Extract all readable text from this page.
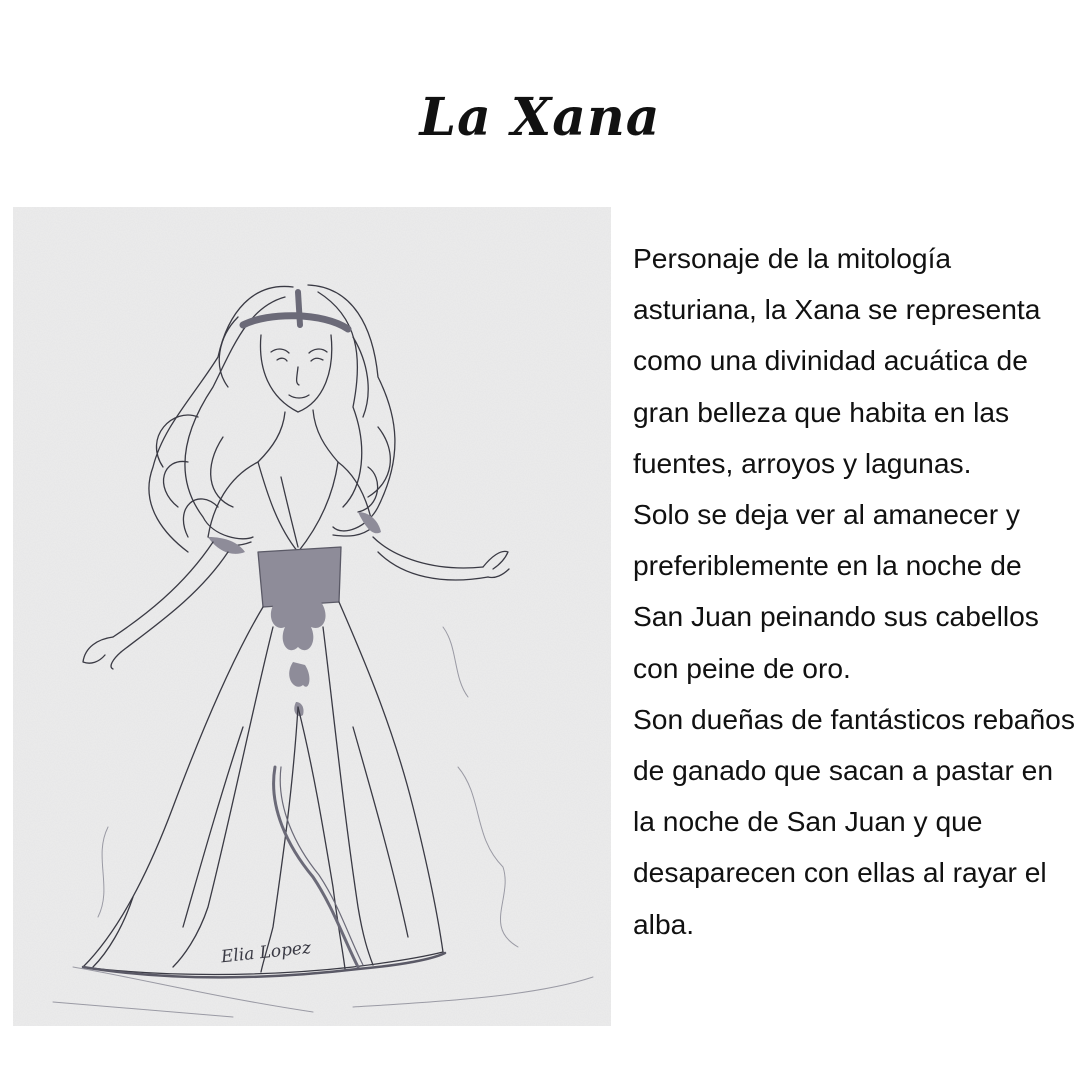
La Xana
Elia Lopez

Personaje de la mitología asturiana, la Xana se representa como una divinidad acuática de gran belleza que habita en las fuentes, arroyos y lagunas.

Solo se deja ver al amanecer y preferiblemente en la noche de San Juan peinando sus cabellos con peine de oro.

Son dueñas de fantásticos rebaños de ganado que sacan a pastar en la noche de San Juan y que desaparecen con ellas al rayar el alba.
